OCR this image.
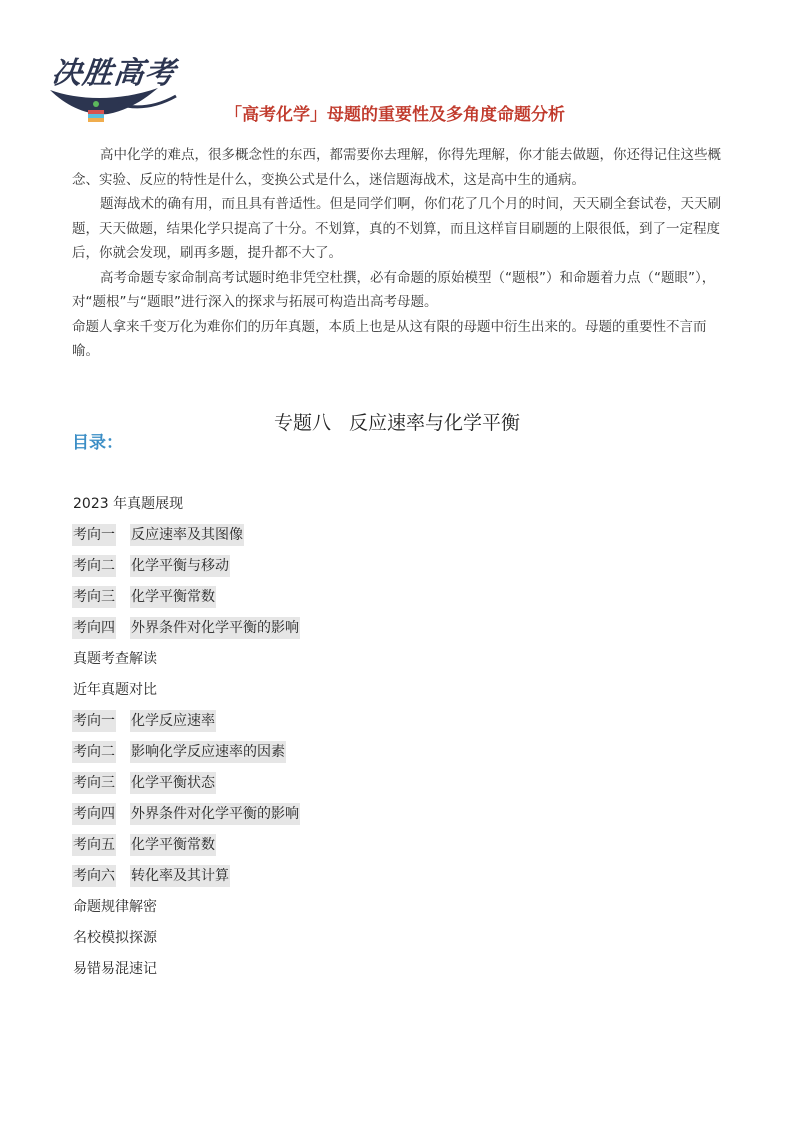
决胜高考
「高考化学」母题的重要性及多角度命题分析

高中化学的难点，很多概念性的东西，都需要你去理解，你得先理解，你才能去做题，你还得记住这些概念、实验、反应的特性是什么，变换公式是什么，迷信题海战术，这是高中生的通病。

题海战术的确有用，而且具有普适性。但是同学们啊，你们花了几个月的时间，天天刷全套试卷，天天刷题，天天做题，结果化学只提高了十分。不划算，真的不划算，而且这样盲目刷题的上限很低，到了一定程度后，你就会发现，刷再多题，提升都不大了。

高考命题专家命制高考试题时绝非凭空杜撰，必有命题的原始模型（“题根”）和命题着力点（“题眼”），对“题根”与“题眼”进行深入的探求与拓展可构造出高考母题。

命题人拿来千变万化为难你们的历年真题，本质上也是从这有限的母题中衍生出来的。母题的重要性不言而喻。

专题八   反应速率与化学平衡
目录：
2023 年真题展现
考向一 反应速率及其图像
考向二 化学平衡与移动
考向三 化学平衡常数
考向四 外界条件对化学平衡的影响
真题考查解读
近年真题对比
考向一 化学反应速率
考向二 影响化学反应速率的因素
考向三 化学平衡状态
考向四 外界条件对化学平衡的影响
考向五 化学平衡常数
考向六 转化率及其计算
命题规律解密
名校模拟探源
易错易混速记
